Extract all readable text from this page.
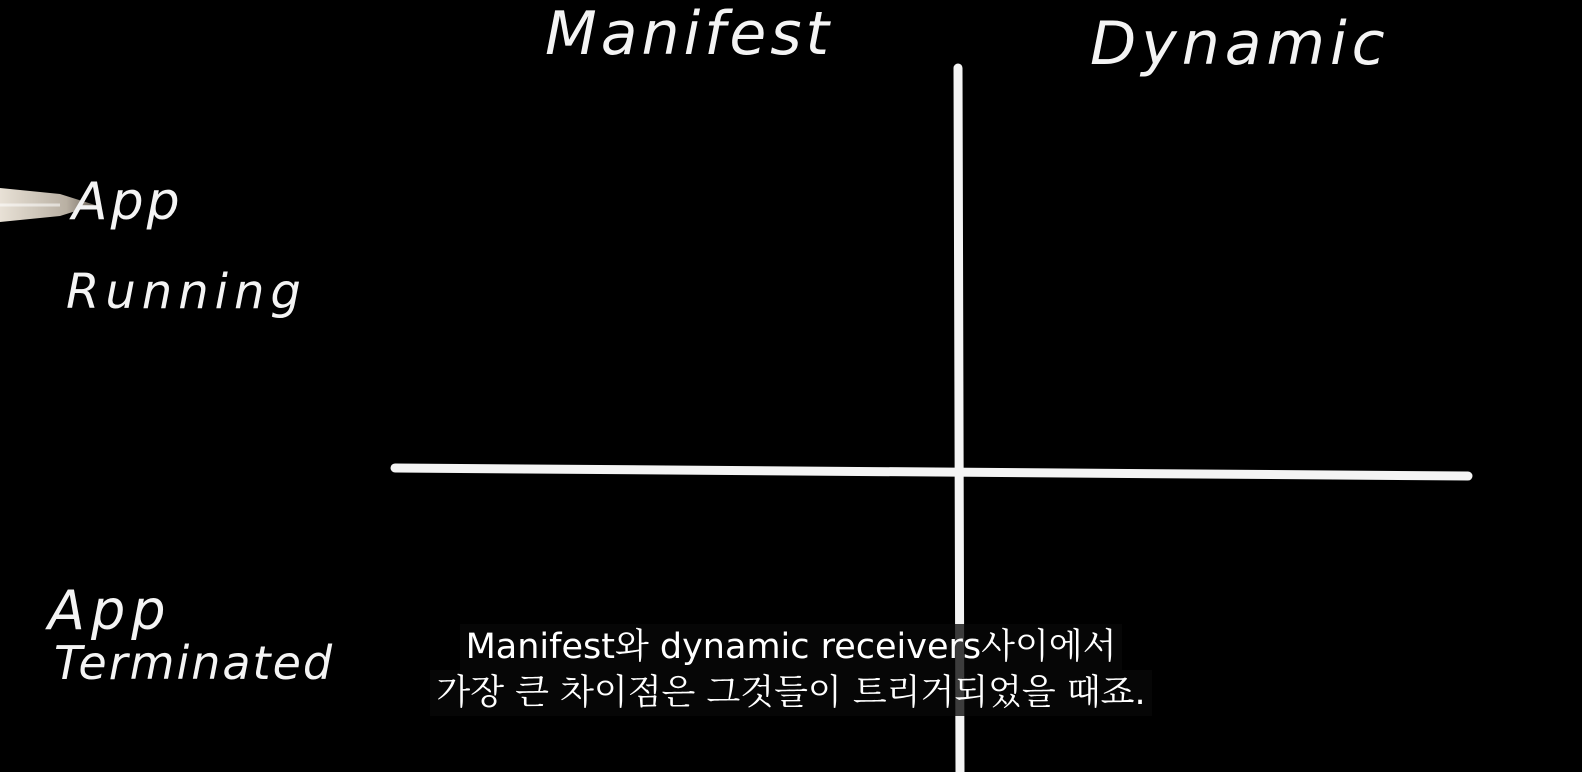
Manifest	Dynamic
App
Running
App
Terminated	Manifest와 dynamic receivers사이에서
가장 큰 차이점은 그것들이 트리거되었을 때죠.
